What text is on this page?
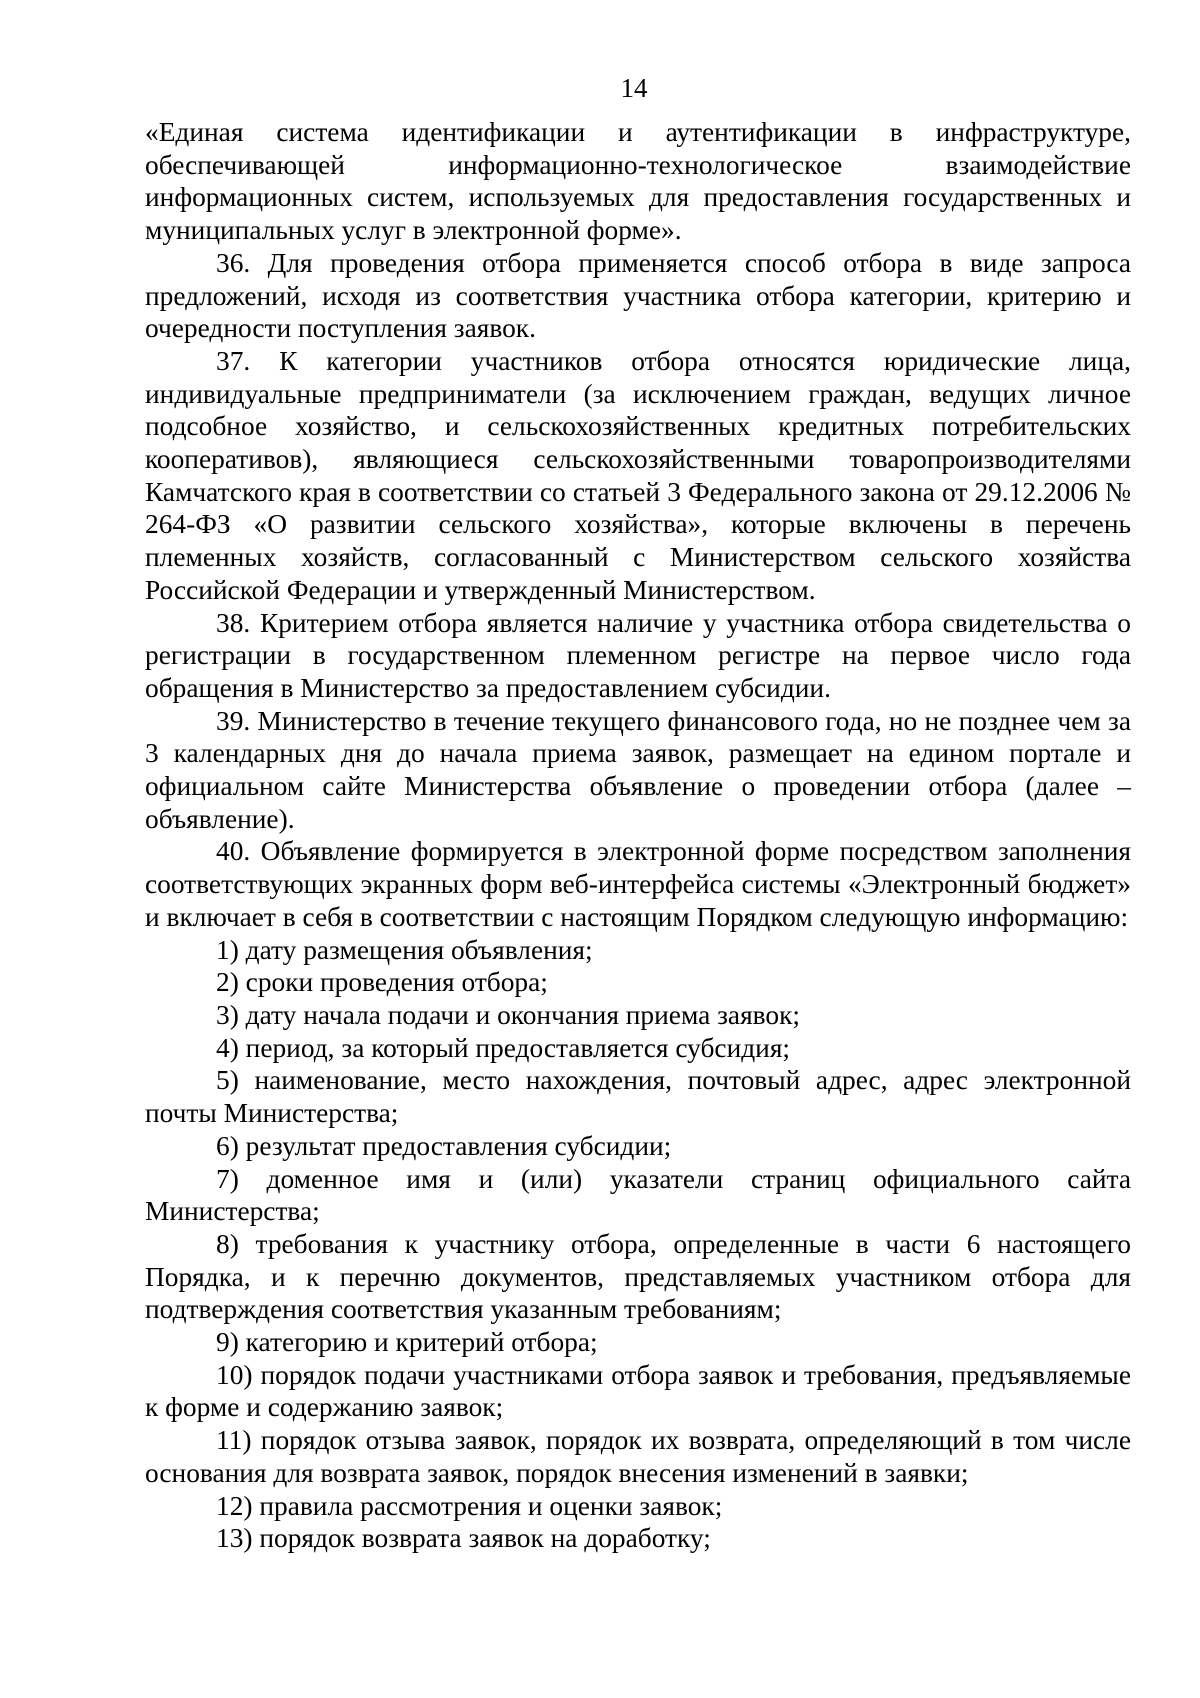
14

«Единая система идентификации и аутентификации в инфраструктуре, обеспечивающей информационно-технологическое взаимодействие информационных систем, используемых для предоставления государственных и муниципальных услуг в электронной форме».

36. Для проведения отбора применяется способ отбора в виде запроса предложений, исходя из соответствия участника отбора категории, критерию и очередности поступления заявок.

37. К категории участников отбора относятся юридические лица, индивидуальные предприниматели (за исключением граждан, ведущих личное подсобное хозяйство, и сельскохозяйственных кредитных потребительских кооперативов), являющиеся сельскохозяйственными товаропроизводителями Камчатского края в соответствии со статьей 3 Федерального закона от 29.12.2006 № 264-ФЗ «О развитии сельского хозяйства», которые включены в перечень племенных хозяйств, согласованный с Министерством сельского хозяйства Российской Федерации и утвержденный Министерством.

38. Критерием отбора является наличие у участника отбора свидетельства о регистрации в государственном племенном регистре на первое число года обращения в Министерство за предоставлением субсидии.

39. Министерство в течение текущего финансового года, но не позднее чем за 3 календарных дня до начала приема заявок, размещает на едином портале и официальном сайте Министерства объявление о проведении отбора (далее – объявление).

40. Объявление формируется в электронной форме посредством заполнения соответствующих экранных форм веб-интерфейса системы «Электронный бюджет» и включает в себя в соответствии с настоящим Порядком следующую информацию:

1) дату размещения объявления;

2) сроки проведения отбора;

3) дату начала подачи и окончания приема заявок;

4) период, за который предоставляется субсидия;

5) наименование, место нахождения, почтовый адрес, адрес электронной почты Министерства;

6) результат предоставления субсидии;

7) доменное имя и (или) указатели страниц официального сайта Министерства;

8) требования к участнику отбора, определенные в части 6 настоящего Порядка, и к перечню документов, представляемых участником отбора для подтверждения соответствия указанным требованиям;

9) категорию и критерий отбора;

10) порядок подачи участниками отбора заявок и требования, предъявляемые к форме и содержанию заявок;

11) порядок отзыва заявок, порядок их возврата, определяющий в том числе основания для возврата заявок, порядок внесения изменений в заявки;

12) правила рассмотрения и оценки заявок;

13) порядок возврата заявок на доработку;
